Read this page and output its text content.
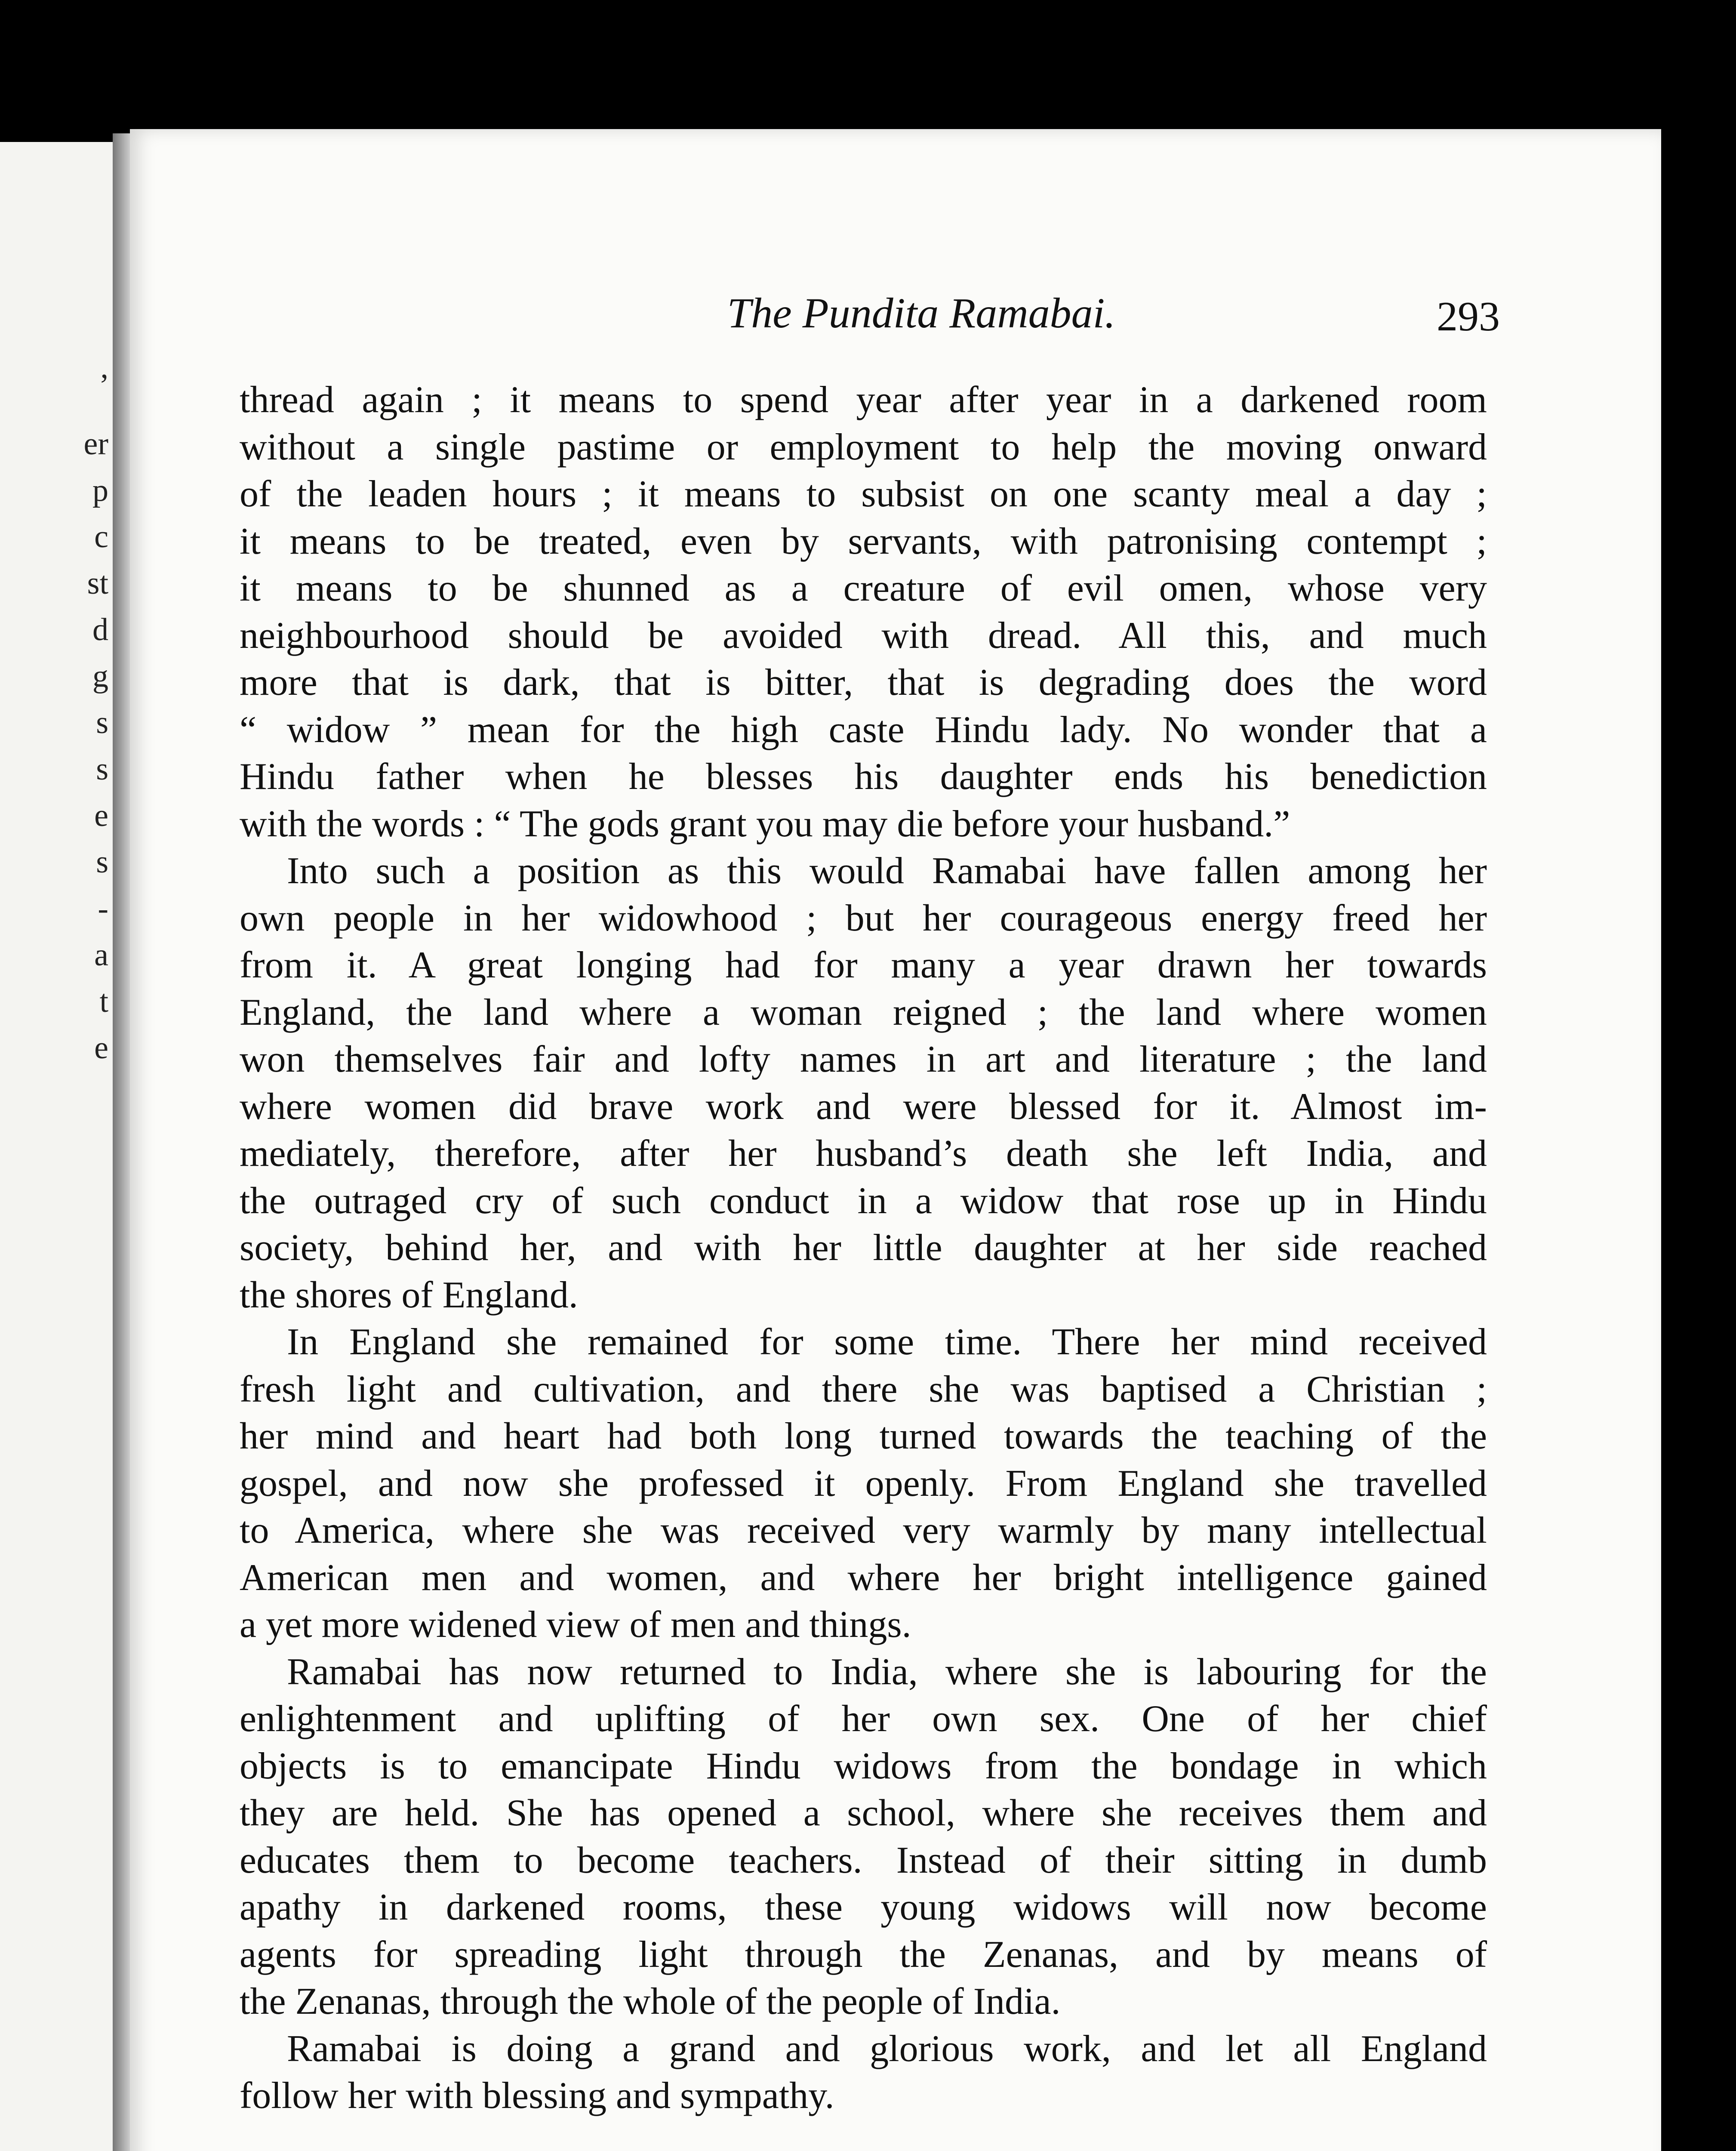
,
er
p
c
st
d
g
s
s
e
s
-
a
t
e
The Pundita Ramabai.	293

thread again ; it means to spend year after year in a darkened room
without a single pastime or employment to help the moving onward
of the leaden hours ; it means to subsist on one scanty meal a day ;
it means to be treated, even by servants, with patronising contempt ;
it means to be shunned as a creature of evil omen, whose very
neighbourhood should be avoided with dread. All this, and much
more that is dark, that is bitter, that is degrading does the word
“ widow ” mean for the high caste Hindu lady. No wonder that a
Hindu father when he blesses his daughter ends his benediction
with the words : “ The gods grant you may die before your husband.”

Into such a position as this would Ramabai have fallen among her
own people in her widowhood ; but her courageous energy freed her
from it. A great longing had for many a year drawn her towards
England, the land where a woman reigned ; the land where women
won themselves fair and lofty names in art and literature ; the land
where women did brave work and were blessed for it. Almost im-
mediately, therefore, after her husband’s death she left India, and
the outraged cry of such conduct in a widow that rose up in Hindu
society, behind her, and with her little daughter at her side reached
the shores of England.

In England she remained for some time. There her mind received
fresh light and cultivation, and there she was baptised a Christian ;
her mind and heart had both long turned towards the teaching of the
gospel, and now she professed it openly. From England she travelled
to America, where she was received very warmly by many intellectual
American men and women, and where her bright intelligence gained
a yet more widened view of men and things.

Ramabai has now returned to India, where she is labouring for the
enlightenment and uplifting of her own sex. One of her chief
objects is to emancipate Hindu widows from the bondage in which
they are held. She has opened a school, where she receives them and
educates them to become teachers. Instead of their sitting in dumb
apathy in darkened rooms, these young widows will now become
agents for spreading light through the Zenanas, and by means of
the Zenanas, through the whole of the people of India.

Ramabai is doing a grand and glorious work, and let all England
follow her with blessing and sympathy.
